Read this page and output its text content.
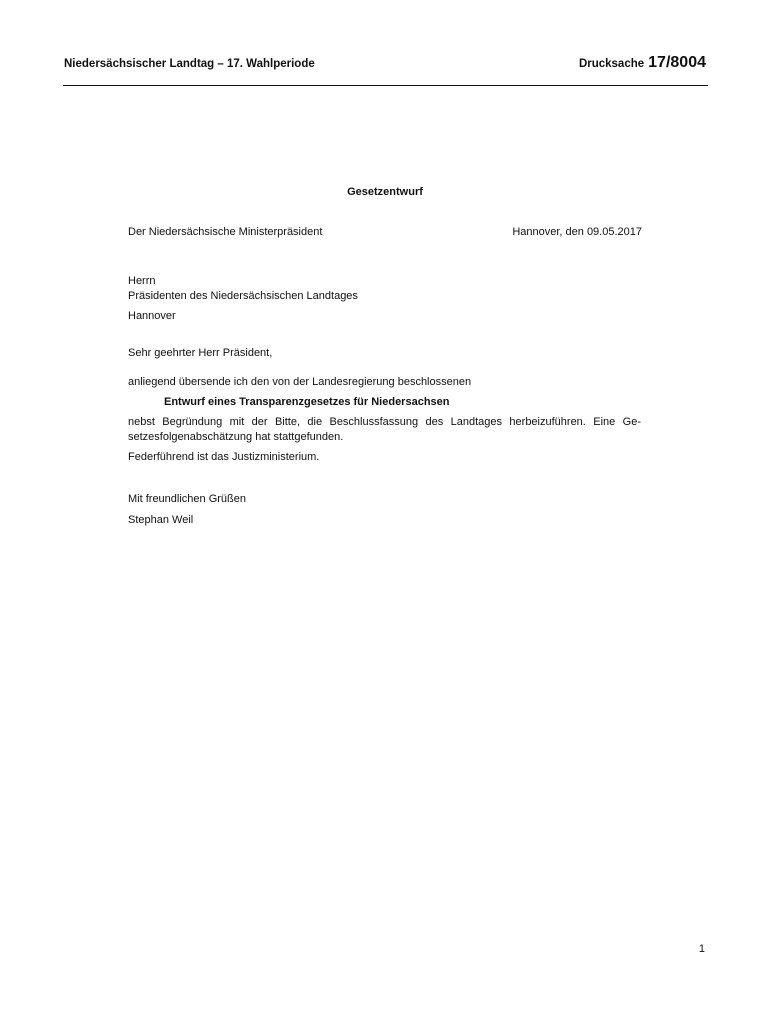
Niedersächsischer Landtag – 17. Wahlperiode	Drucksache 17/8004
Gesetzentwurf
Der Niedersächsische Ministerpräsident	Hannover, den 09.05.2017
Herrn
Präsidenten des Niedersächsischen Landtages
Hannover
Sehr geehrter Herr Präsident,
anliegend übersende ich den von der Landesregierung beschlossenen
Entwurf eines Transparenzgesetzes für Niedersachsen
nebst Begründung mit der Bitte, die Beschlussfassung des Landtages herbeizuführen. Eine Ge-
setzesfolgenabschätzung hat stattgefunden.
Federführend ist das Justizministerium.
Mit freundlichen Grüßen
Stephan Weil
1
